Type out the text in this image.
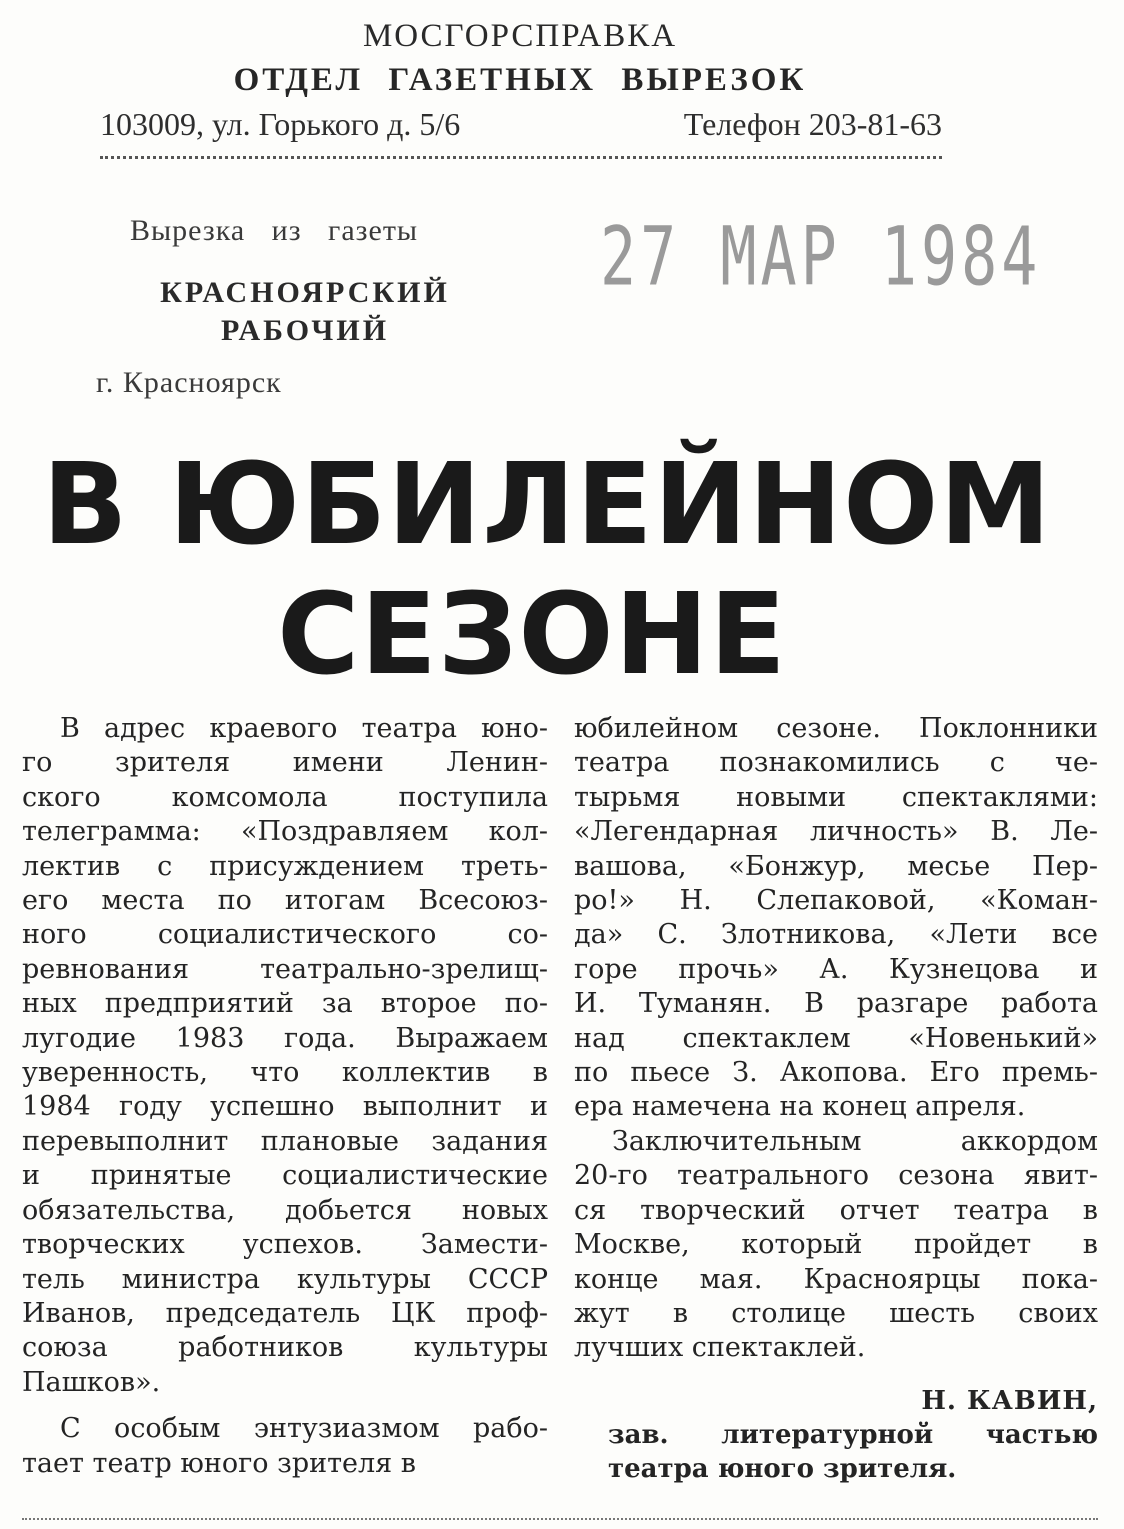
МОСГОРСПРАВКА
ОТДЕЛ ГАЗЕТНЫХ ВЫРЕЗОК
103009, ул. Горького д. 5/6	Телефон 203-81-63
Вырезка из газеты
КРАСНОЯРСКИЙ
РАБОЧИЙ
г. Красноярск
27 МАР 1984
В ЮБИЛЕЙНОМ
СЕЗОНЕ

В адрес краевого театра юно-
го зрителя имени Ленин-
ского комсомола поступила
телеграмма: «Поздравляем кол-
лектив с присуждением треть-
его места по итогам Всесоюз-
ного социалистического со-
ревнования театрально-зрелищ-
ных предприятий за второе по-
лугодие 1983 года. Выражаем
уверенность, что коллектив в
1984 году успешно выполнит и
перевыполнит плановые задания
и принятые социалистические
обязательства, добьется новых
творческих успехов. Замести-
тель министра культуры СССР
Иванов, председатель ЦК проф-
союза работников культуры
Пашков».

С особым энтузиазмом рабо-
тает театр юного зрителя в

юбилейном сезоне. Поклонники
театра познакомились с че-
тырьмя новыми спектаклями:
«Легендарная личность» В. Ле-
вашова, «Бонжур, месье Пер-
ро!» Н. Слепаковой, «Коман-
да» С. Злотникова, «Лети все
горе прочь» А. Кузнецова и
И. Туманян. В разгаре работа
над спектаклем «Новенький»
по пьесе З. Акопова. Его премь-
ера намечена на конец апреля.

Заключительным аккордом
20-го театрального сезона явит-
ся творческий отчет театра в
Москве, который пройдет в
конце мая. Красноярцы пока-
жут в столице шесть своих
лучших спектаклей.

Н. КАВИН,
зав. литературной частью
театра юного зрителя.
